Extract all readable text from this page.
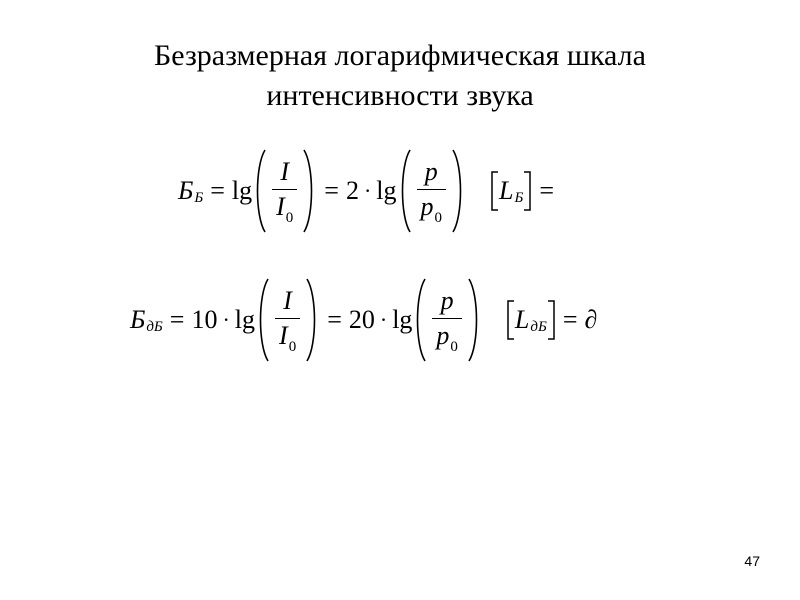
Безразмерная логарифмическая шкала
интенсивности звука
Б $Б = \lg \frac{I}{I_0} = 2 \cdot \lg \frac{p}{p_0}$ L Б =
Б дБ = $10 \cdot \lg \frac{I}{I_0} = 20 \cdot \lg \frac{p}{p_0}$ L дБ = ∂
47
